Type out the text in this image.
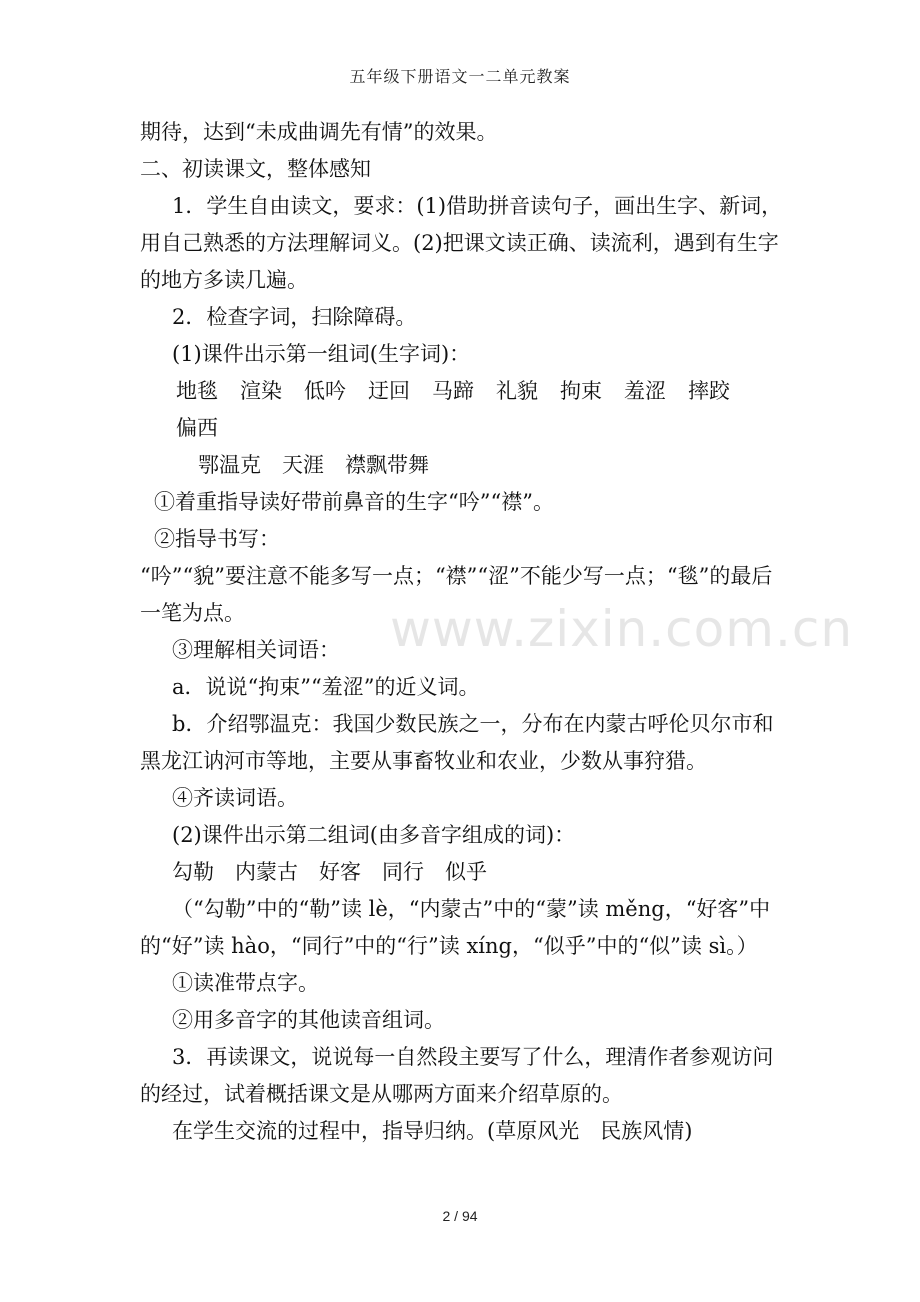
五年级下册语文一二单元教案

期待，达到“未成曲调先有情”的效果。

二、初读课文，整体感知

1．学生自由读文，要求：(1)借助拼音读句子，画出生字、新词，用自己熟悉的方法理解词义。(2)把课文读正确、读流利，遇到有生字的地方多读几遍。

2．检查字词，扫除障碍。

(1)课件出示第一组词(生字词)：

地毯 渲染 低吟 迂回 马蹄 礼貌 拘束 羞涩 摔跤

偏西

鄂温克　天涯　襟飘带舞

①着重指导读好带前鼻音的生字“吟”“襟”。

②指导书写：

“吟”“貌”要注意不能多写一点；“襟”“涩”不能少写一点；“毯”的最后一笔为点。

③理解相关词语：

a．说说“拘束”“羞涩”的近义词。

b．介绍鄂温克：我国少数民族之一，分布在内蒙古呼伦贝尔市和黑龙江讷河市等地，主要从事畜牧业和农业，少数从事狩猎。

④齐读词语。

(2)课件出示第二组词(由多音字组成的词)：

勾勒　内蒙古　好客　同行　似乎

（“勾勒”中的“勒”读 lè，“内蒙古”中的“蒙”读 měng，“好客”中的“好”读 hào，“同行”中的“行”读 xíng，“似乎”中的“似”读 sì。）

①读准带点字。

②用多音字的其他读音组词。

3．再读课文，说说每一自然段主要写了什么，理清作者参观访问的经过，试着概括课文是从哪两方面来介绍草原的。

在学生交流的过程中，指导归纳。(草原风光　民族风情)

www.zixin.com.cn
2 / 94
